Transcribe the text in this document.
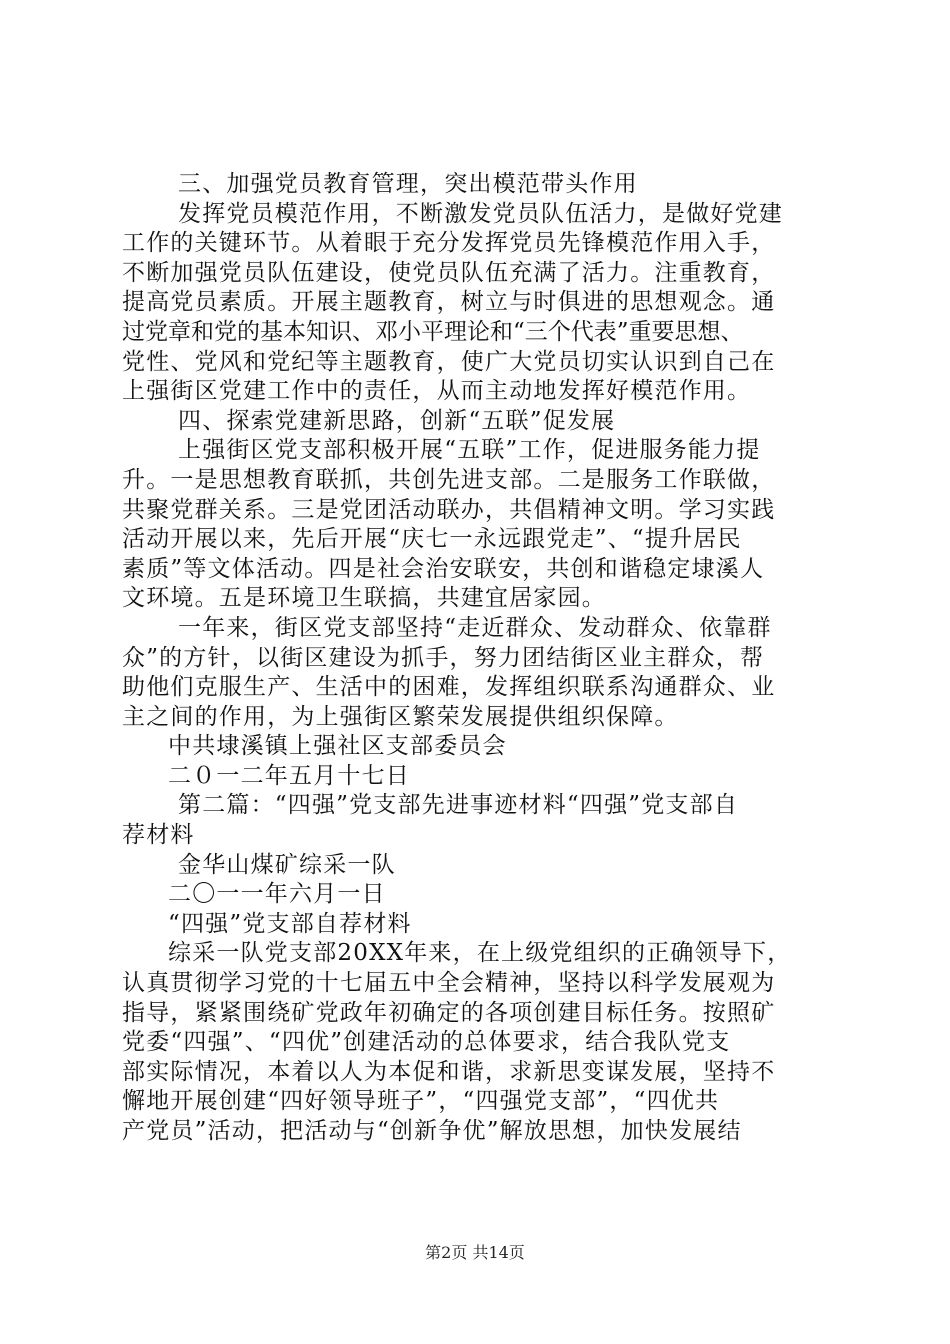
三、加强党员教育管理，突出模范带头作用
发挥党员模范作用，不断激发党员队伍活力，是做好党建
工作的关键环节。从着眼于充分发挥党员先锋模范作用入手，
不断加强党员队伍建设，使党员队伍充满了活力。注重教育，
提高党员素质。开展主题教育，树立与时俱进的思想观念。通
过党章和党的基本知识、邓小平理论和“三个代表”重要思想、
党性、党风和党纪等主题教育，使广大党员切实认识到自己在
上强街区党建工作中的责任，从而主动地发挥好模范作用。
四、探索党建新思路，创新“五联”促发展
上强街区党支部积极开展“五联”工作，促进服务能力提
升。一是思想教育联抓，共创先进支部。二是服务工作联做，
共聚党群关系。三是党团活动联办，共倡精神文明。学习实践
活动开展以来，先后开展“庆七一永远跟党走”、“提升居民
素质”等文体活动。四是社会治安联安，共创和谐稳定埭溪人
文环境。五是环境卫生联搞，共建宜居家园。
一年来，街区党支部坚持“走近群众、发动群众、依靠群
众”的方针，以街区建设为抓手，努力团结街区业主群众，帮
助他们克服生产、生活中的困难，发挥组织联系沟通群众、业
主之间的作用，为上强街区繁荣发展提供组织保障。
中共埭溪镇上强社区支部委员会
二０一二年五月十七日
第二篇：“四强”党支部先进事迹材料“四强”党支部自
荐材料
金华山煤矿综采一队
二〇一一年六月一日
“四强”党支部自荐材料
综采一队党支部20XX年来，在上级党组织的正确领导下，
认真贯彻学习党的十七届五中全会精神，坚持以科学发展观为
指导，紧紧围绕矿党政年初确定的各项创建目标任务。按照矿
党委“四强”、“四优”创建活动的总体要求，结合我队党支
部实际情况，本着以人为本促和谐，求新思变谋发展，坚持不
懈地开展创建“四好领导班子”，“四强党支部”，“四优共
产党员”活动，把活动与“创新争优”解放思想，加快发展结
第2页 共14页
